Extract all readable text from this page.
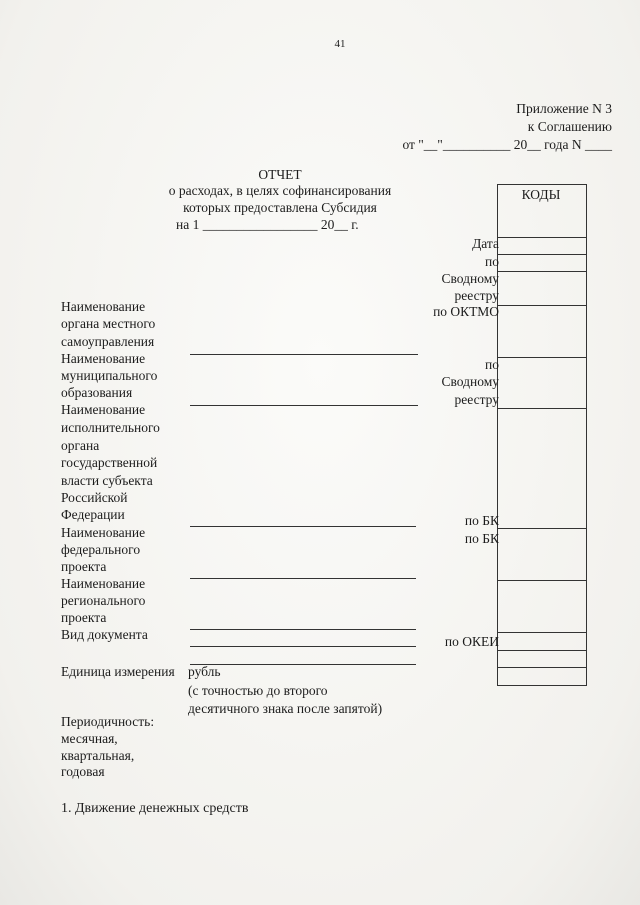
41
Приложение N 3
к Соглашению
от "__"__________ 20__ года N ____
ОТЧЕТ
о расходах, в целях софинансирования
которых предоставлена Субсидия
на 1 _________________ 20__ г.
КОДЫ
Дата
по
Сводному
реестру
по ОКТМО
по
Сводному
реестру
по БК
по БК
по ОКЕИ
Наименование
органа местного
самоуправления
Наименование
муниципального
образования
Наименование
исполнительного
органа
государственной
власти субъекта
Российской
Федерации
Наименование
федерального
проекта
Наименование
регионального
проекта
Вид документа
Единица измерения рубль
(с точностью до второго
десятичного знака после запятой)
Периодичность:
месячная,
квартальная,
годовая
1. Движение денежных средств
